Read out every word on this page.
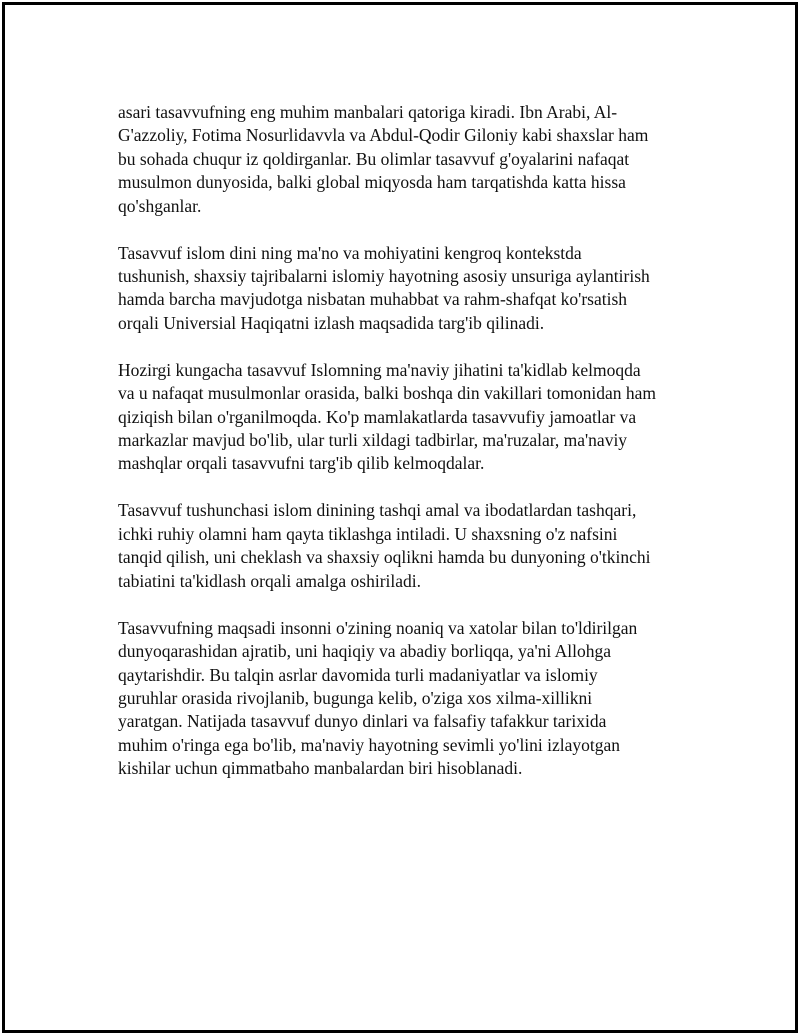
asari tasavvufning eng muhim manbalari qatoriga kiradi. Ibn Arabi, Al-
G'azzoliy, Fotima Nosurlidavvla va Abdul-Qodir Giloniy kabi shaxslar ham
bu sohada chuqur iz qoldirganlar. Bu olimlar tasavvuf g'oyalarini nafaqat
musulmon dunyosida, balki global miqyosda ham tarqatishda katta hissa
qo'shganlar.

Tasavvuf islom dini ning ma'no va mohiyatini kengroq kontekstda
tushunish, shaxsiy tajribalarni islomiy hayotning asosiy unsuriga aylantirish
hamda barcha mavjudotga nisbatan muhabbat va rahm-shafqat ko'rsatish
orqali Universial Haqiqatni izlash maqsadida targ'ib qilinadi.

Hozirgi kungacha tasavvuf Islomning ma'naviy jihatini ta'kidlab kelmoqda
va u nafaqat musulmonlar orasida, balki boshqa din vakillari tomonidan ham
qiziqish bilan o'rganilmoqda. Ko'p mamlakatlarda tasavvufiy jamoatlar va
markazlar mavjud bo'lib, ular turli xildagi tadbirlar, ma'ruzalar, ma'naviy
mashqlar orqali tasavvufni targ'ib qilib kelmoqdalar.

Tasavvuf tushunchasi islom dinining tashqi amal va ibodatlardan tashqari,
ichki ruhiy olamni ham qayta tiklashga intiladi. U shaxsning o'z nafsini
tanqid qilish, uni cheklash va shaxsiy oqlikni hamda bu dunyoning o'tkinchi
tabiatini ta'kidlash orqali amalga oshiriladi.

Tasavvufning maqsadi insonni o'zining noaniq va xatolar bilan to'ldirilgan
dunyoqarashidan ajratib, uni haqiqiy va abadiy borliqqa, ya'ni Allohga
qaytarishdir. Bu talqin asrlar davomida turli madaniyatlar va islomiy
guruhlar orasida rivojlanib, bugunga kelib, o'ziga xos xilma-xillikni
yaratgan. Natijada tasavvuf dunyo dinlari va falsafiy tafakkur tarixida
muhim o'ringa ega bo'lib, ma'naviy hayotning sevimli yo'lini izlayotgan
kishilar uchun qimmatbaho manbalardan biri hisoblanadi.
